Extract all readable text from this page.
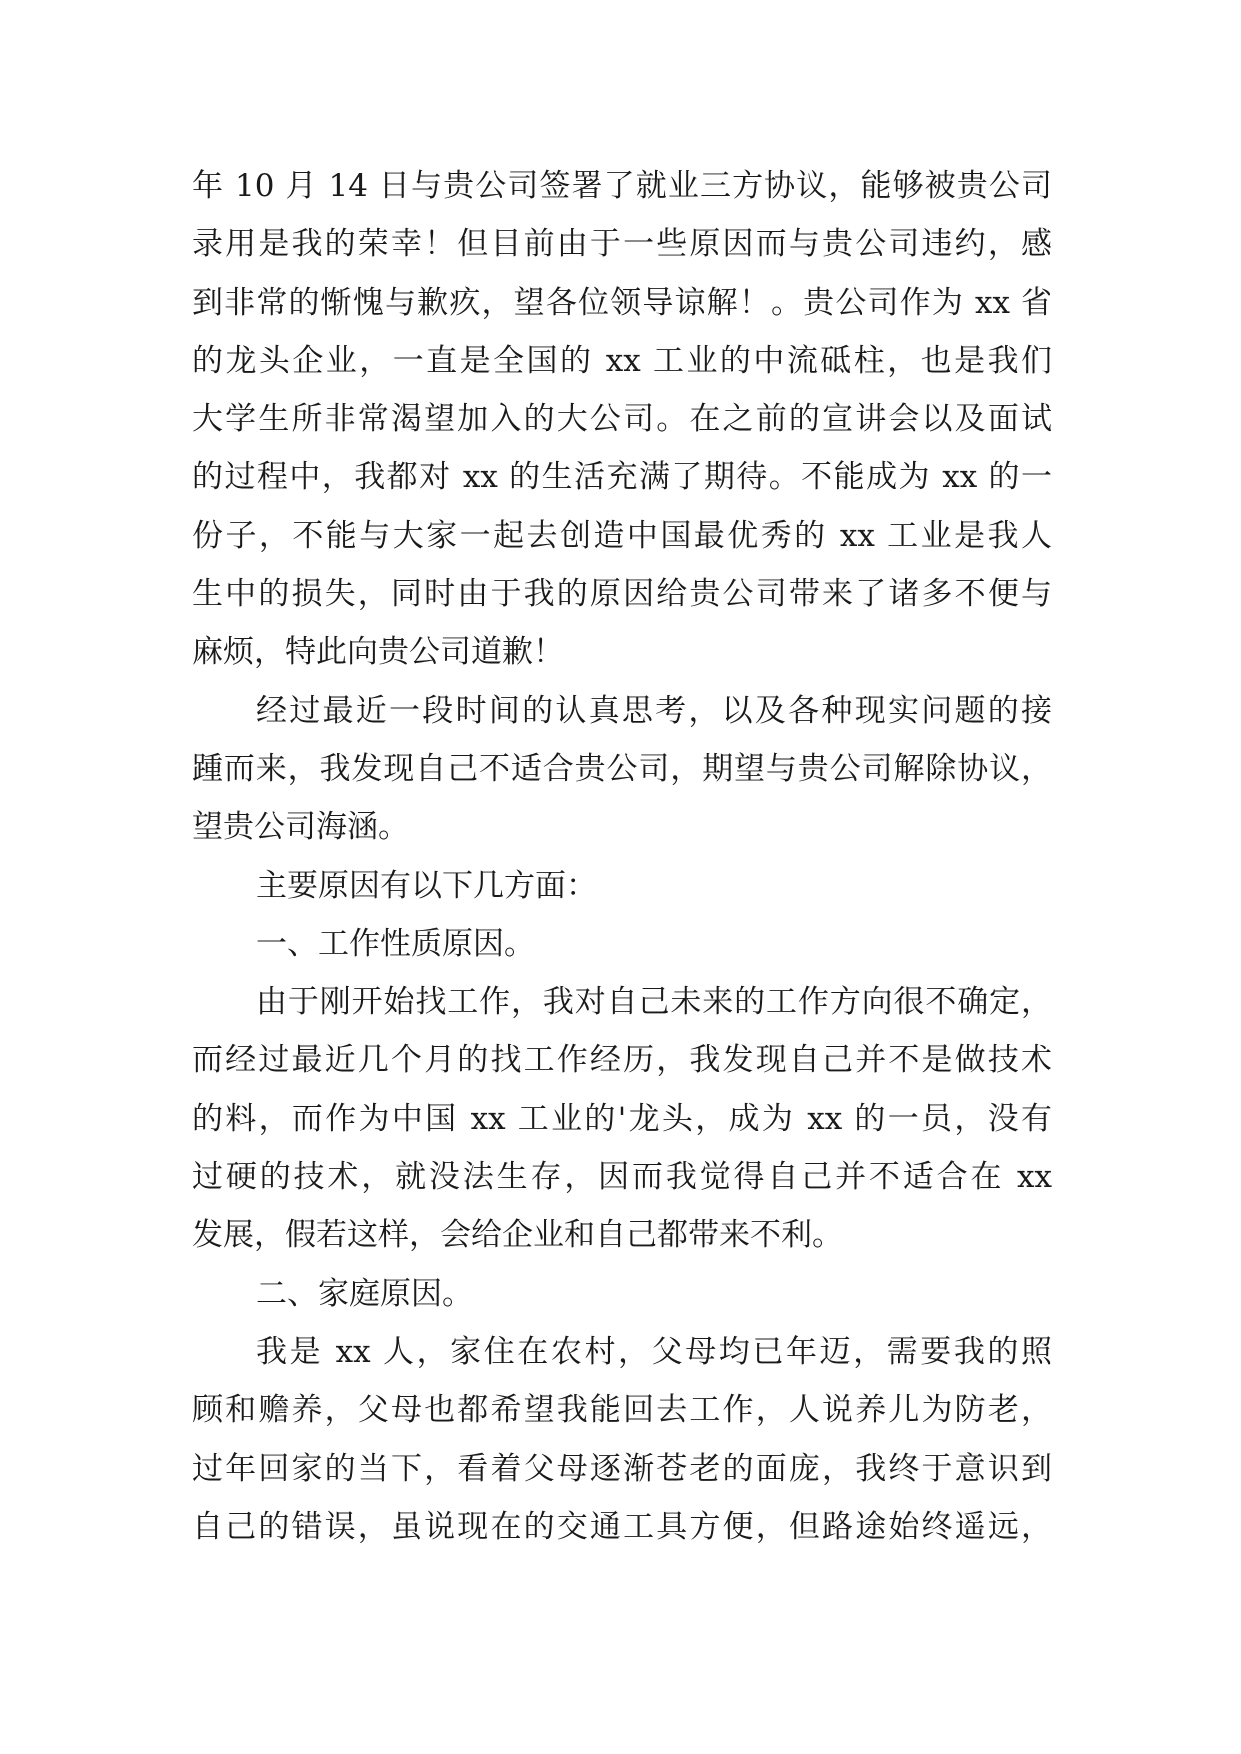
年 10 月 14 日与贵公司签署了就业三方协议，能够被贵公司
录用是我的荣幸！但目前由于一些原因而与贵公司违约，感
到非常的惭愧与歉疚，望各位领导谅解！。贵公司作为 xx 省
的龙头企业，一直是全国的 xx 工业的中流砥柱，也是我们
大学生所非常渴望加入的大公司。在之前的宣讲会以及面试
的过程中，我都对 xx 的生活充满了期待。不能成为 xx 的一
份子，不能与大家一起去创造中国最优秀的 xx 工业是我人
生中的损失，同时由于我的原因给贵公司带来了诸多不便与
麻烦，特此向贵公司道歉！
经过最近一段时间的认真思考，以及各种现实问题的接
踵而来，我发现自己不适合贵公司，期望与贵公司解除协议，
望贵公司海涵。
主要原因有以下几方面：
一、工作性质原因。
由于刚开始找工作，我对自己未来的工作方向很不确定，
而经过最近几个月的找工作经历，我发现自己并不是做技术
的料，而作为中国 xx 工业的'龙头，成为 xx 的一员，没有
过硬的技术，就没法生存，因而我觉得自己并不适合在 xx
发展，假若这样，会给企业和自己都带来不利。
二、家庭原因。
我是 xx 人，家住在农村，父母均已年迈，需要我的照
顾和赡养，父母也都希望我能回去工作，人说养儿为防老，
过年回家的当下，看着父母逐渐苍老的面庞，我终于意识到
自己的错误，虽说现在的交通工具方便，但路途始终遥远，
